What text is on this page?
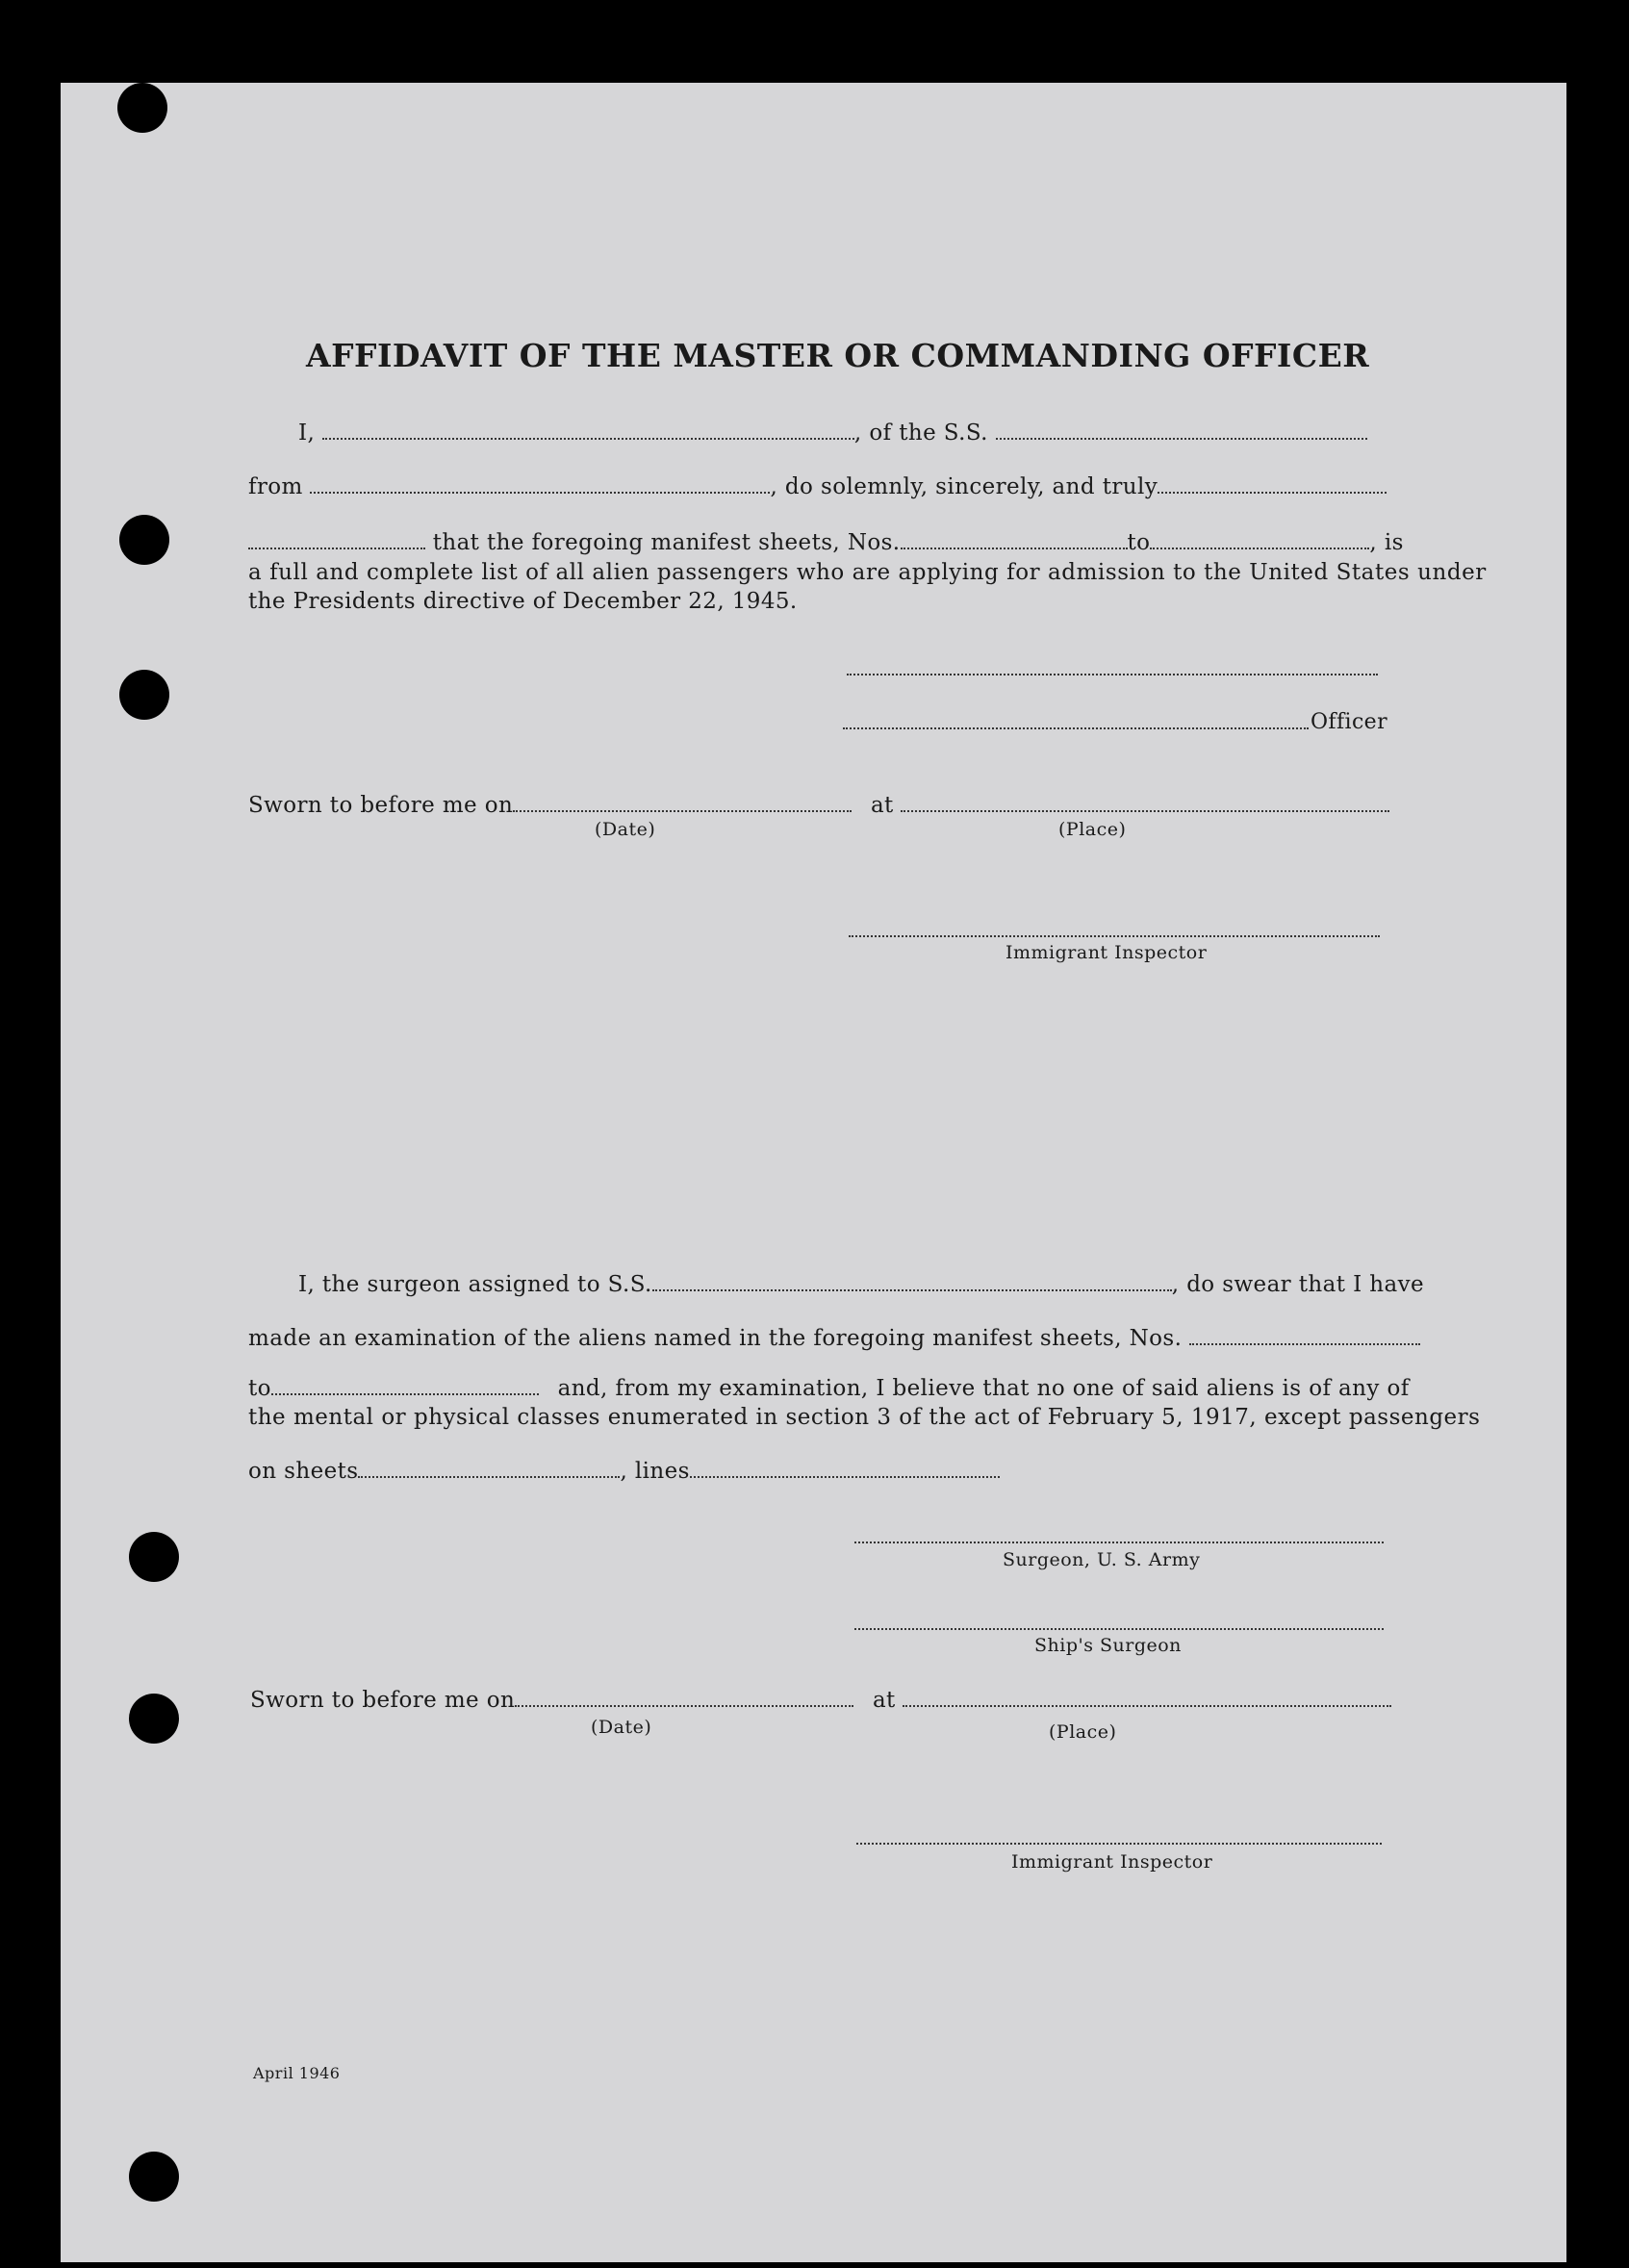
AFFIDAVIT OF THE MASTER OR COMMANDING OFFICER
I,	, of the S.S.
from	, do solemnly, sincerely, and truly
that the foregoing manifest sheets, Nos.	to	, is
a full and complete list of all alien passengers who are applying for admission to the United States under
the Presidents directive of December 22, 1945.
Officer
Sworn to before me on	at
(Date)	(Place)
Immigrant Inspector
I, the surgeon assigned to S.S.	, do swear that I have
made an examination of the aliens named in the foregoing manifest sheets, Nos.
to	and, from my examination, I believe that no one of said aliens is of any of
the mental or physical classes enumerated in section 3 of the act of February 5, 1917, except passengers
on sheets	, lines
Surgeon, U. S. Army
Ship's Surgeon
Sworn to before me on	at
(Date)	(Place)
Immigrant Inspector
April 1946
